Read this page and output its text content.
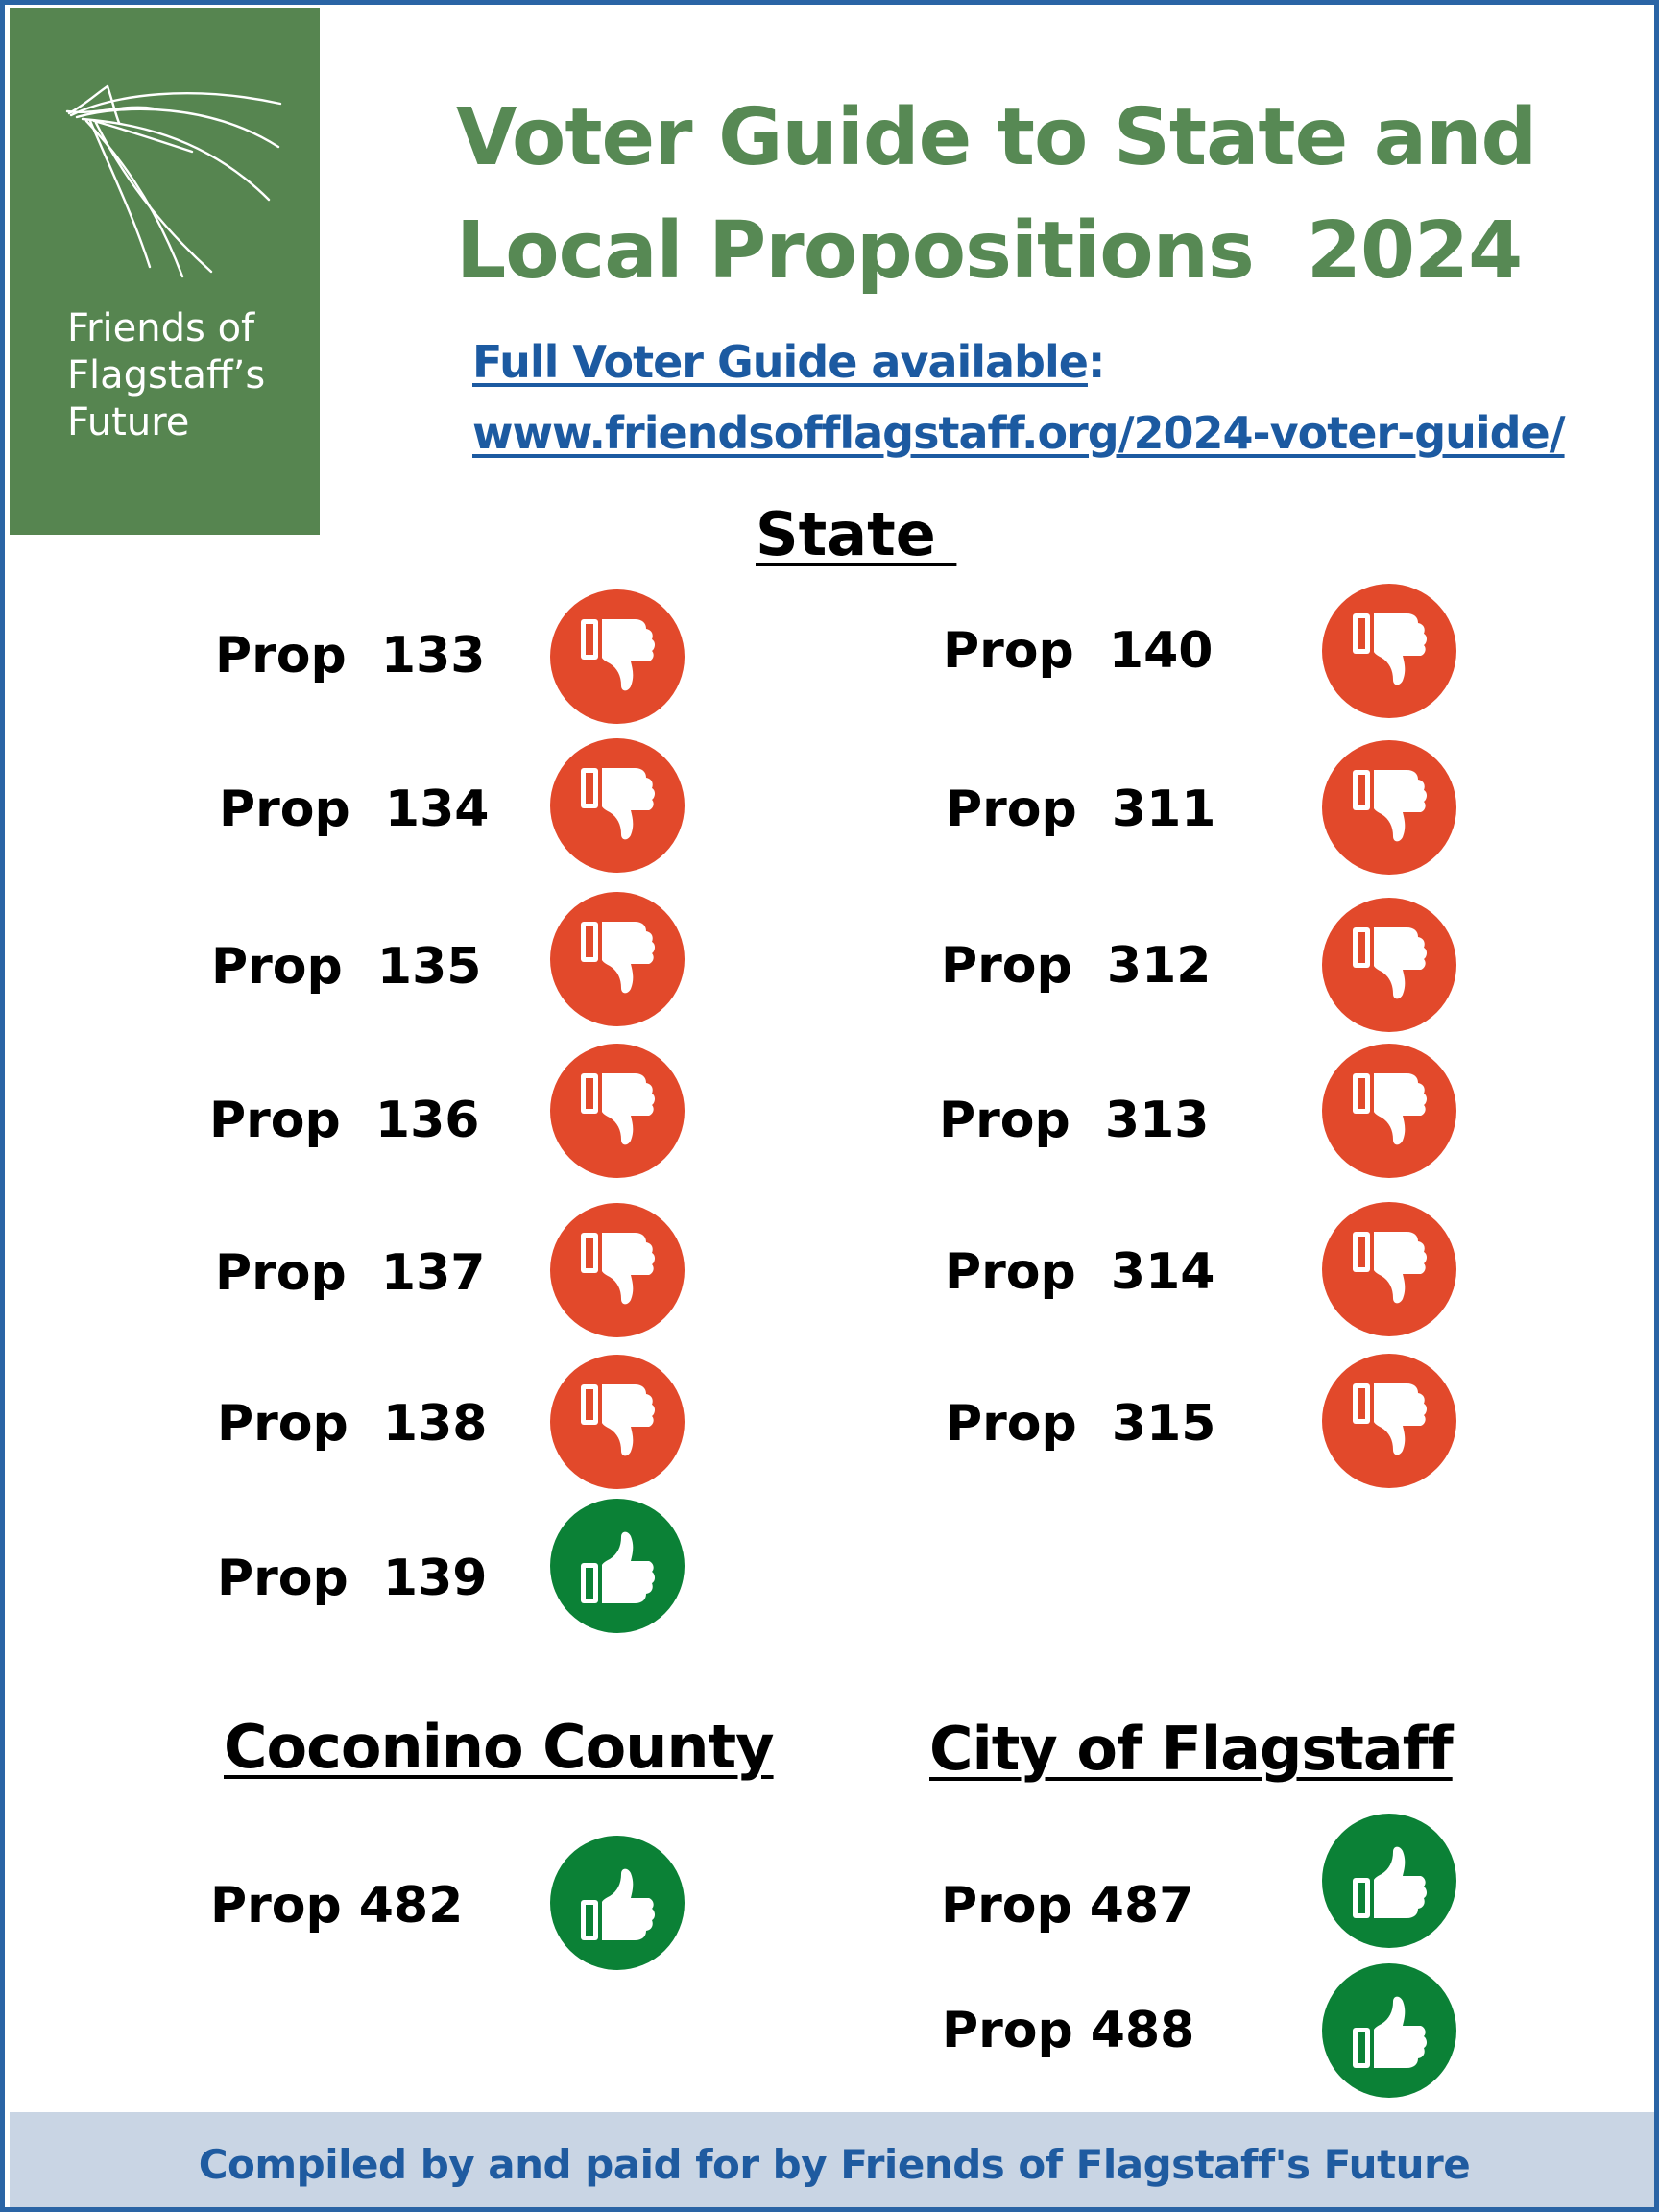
Friends of
Flagstaff’s
Future
Voter Guide to State and
Local Propositions  2024
Full Voter Guide available:
www.friendsofflagstaff.org/2024-voter-guide/
State
Prop  133
Prop  134
Prop  135
Prop  136
Prop  137
Prop  138
Prop  139
Prop  140
Prop  311
Prop  312
Prop  313
Prop  314
Prop  315
Coconino County
Prop 482
City of Flagstaff
Prop 487
Prop 488
Compiled by and paid for by Friends of Flagstaff's Future
